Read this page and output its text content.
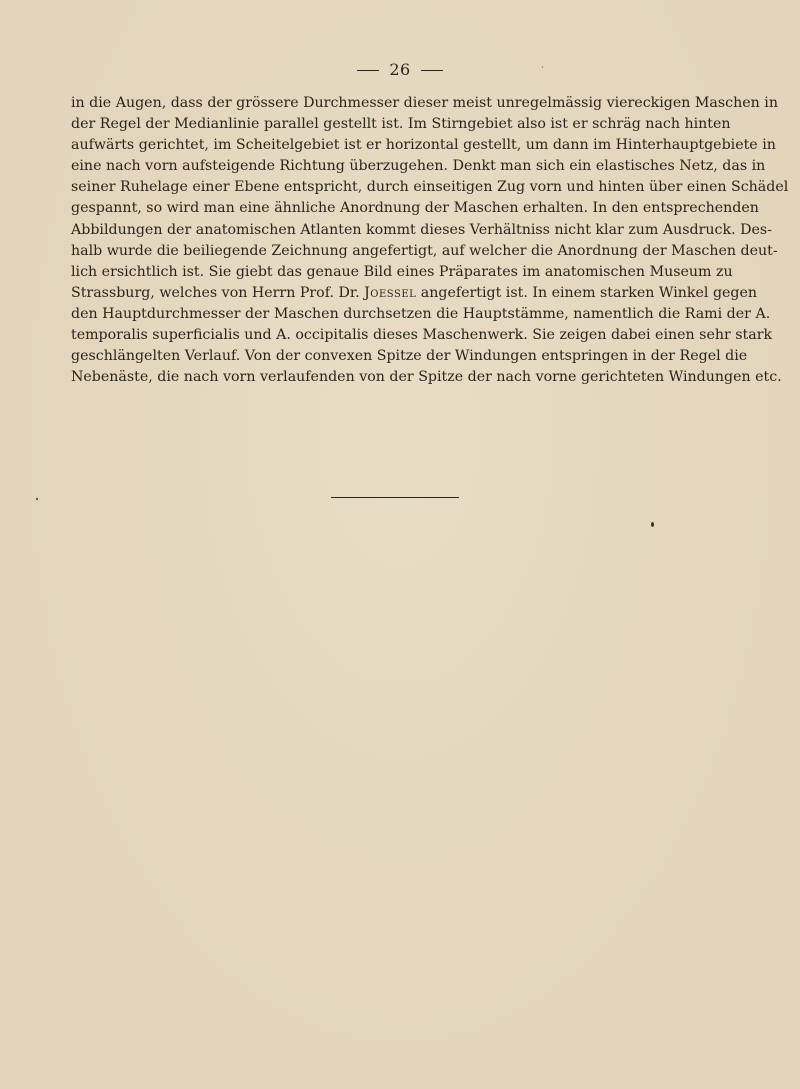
26
in die Augen, dass der grössere Durchmesser dieser meist unregelmässig viereckigen Maschen in
der Regel der Medianlinie parallel gestellt ist. Im Stirngebiet also ist er schräg nach hinten
aufwärts gerichtet, im Scheitelgebiet ist er horizontal gestellt, um dann im Hinterhauptgebiete in
eine nach vorn aufsteigende Richtung überzugehen. Denkt man sich ein elastisches Netz, das in
seiner Ruhelage einer Ebene entspricht, durch einseitigen Zug vorn und hinten über einen Schädel
gespannt, so wird man eine ähnliche Anordnung der Maschen erhalten. In den entsprechenden
Abbildungen der anatomischen Atlanten kommt dieses Verhältniss nicht klar zum Ausdruck. Des-
halb wurde die beiliegende Zeichnung angefertigt, auf welcher die Anordnung der Maschen deut-
lich ersichtlich ist. Sie giebt das genaue Bild eines Präparates im anatomischen Museum zu
Strassburg, welches von Herrn Prof. Dr. Joessel angefertigt ist. In einem starken Winkel gegen
den Hauptdurchmesser der Maschen durchsetzen die Hauptstämme, namentlich die Rami der A.
temporalis superficialis und A. occipitalis dieses Maschenwerk. Sie zeigen dabei einen sehr stark
geschlängelten Verlauf. Von der convexen Spitze der Windungen entspringen in der Regel die
Nebenäste, die nach vorn verlaufenden von der Spitze der nach vorne gerichteten Windungen etc.
